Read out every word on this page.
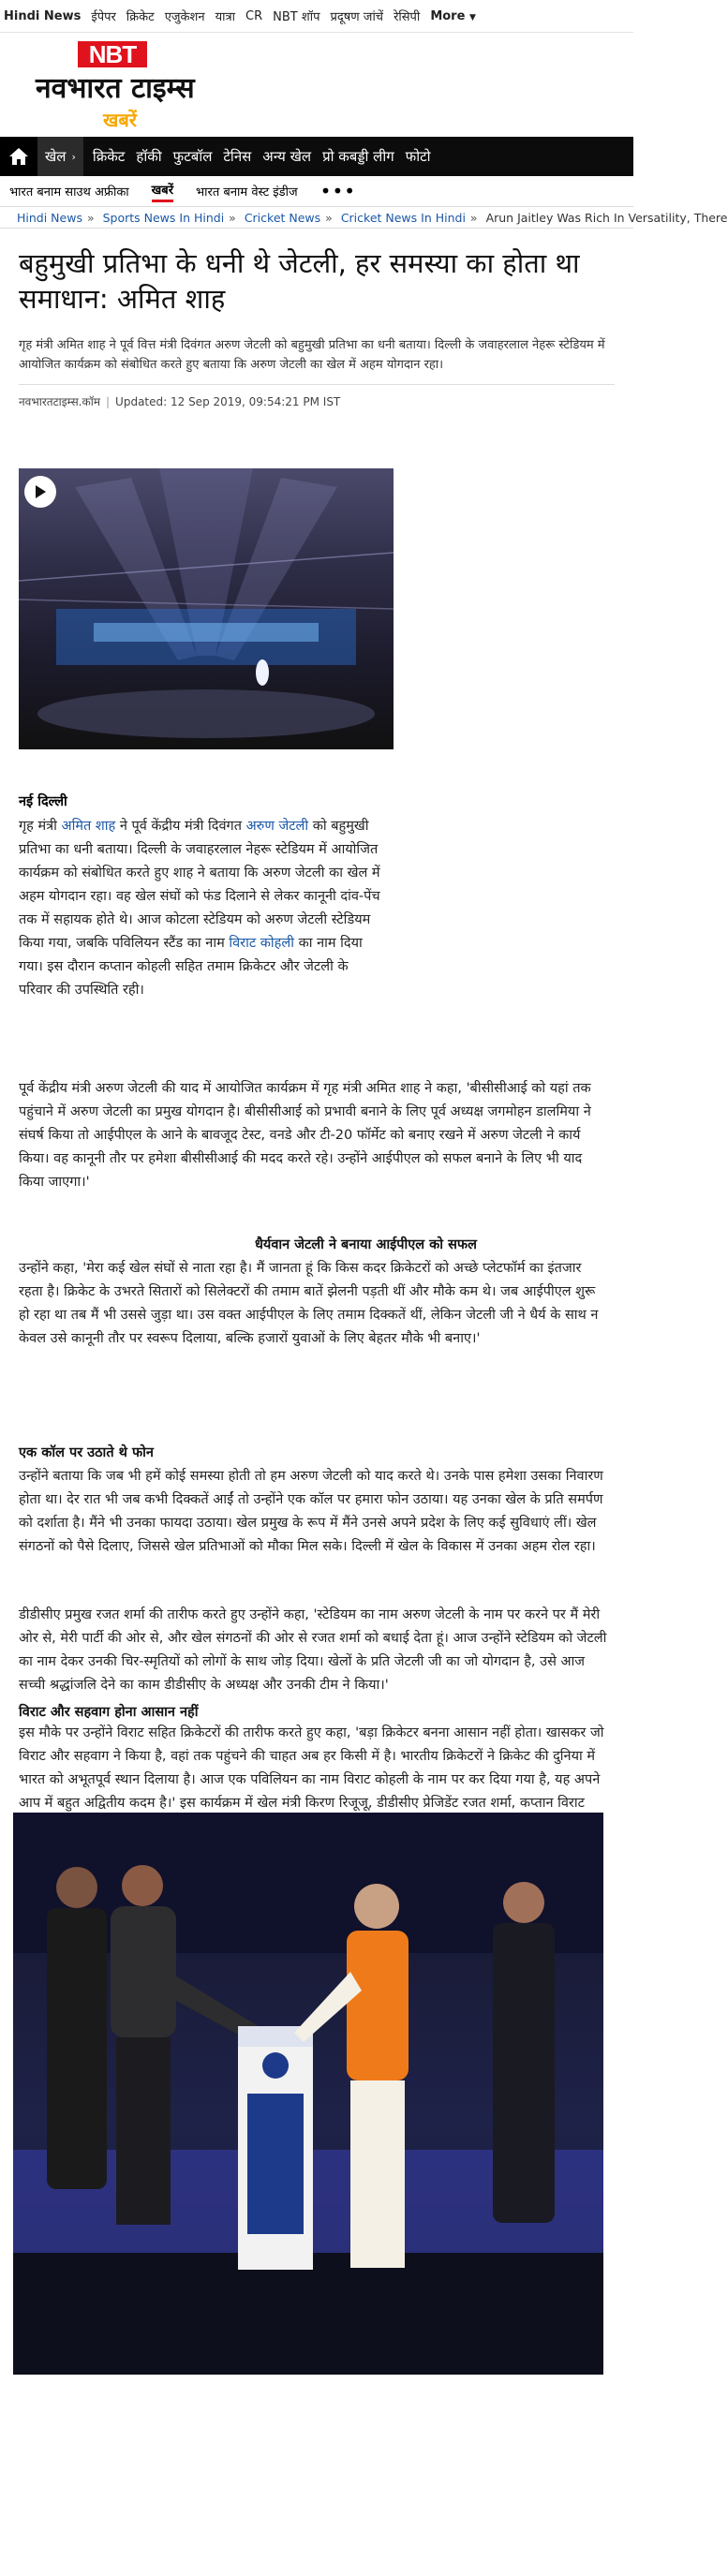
Hindi News ईपेपर क्रिकेट एजुकेशन यात्रा CR NBT शॉप प्रदूषण जांचें रेसिपी More ▼
NBT
नवभारत टाइम्स
खबरें
खेल › क्रिकेट हॉकी फुटबॉल टेनिस अन्य खेल प्रो कबड्डी लीग फोटो
भारत बनाम साउथ अफ्रीका खबरें भारत बनाम वेस्ट इंडीज •••
Hindi News » Sports News In Hindi » Cricket News » Cricket News In Hindi » Arun Jaitley Was Rich In Versatility, There
बहुमुखी प्रतिभा के धनी थे जेटली, हर समस्या का होता था समाधान: अमित शाह
गृह मंत्री अमित शाह ने पूर्व वित्त मंत्री दिवंगत अरुण जेटली को बहुमुखी प्रतिभा का धनी बताया। दिल्ली के जवाहरलाल नेहरू स्टेडियम में आयोजित कार्यक्रम को संबोधित करते हुए बताया कि अरुण जेटली का खेल में अहम योगदान रहा।
नवभारतटाइम्स.कॉम | Updated: 12 Sep 2019, 09:54:21 PM IST
नई दिल्ली

गृह मंत्री अमित शाह ने पूर्व केंद्रीय मंत्री दिवंगत अरुण जेटली को बहुमुखी प्रतिभा का धनी बताया। दिल्ली के जवाहरलाल नेहरू स्टेडियम में आयोजित कार्यक्रम को संबोधित करते हुए शाह ने बताया कि अरुण जेटली का खेल में अहम योगदान रहा। वह खेल संघों को फंड दिलाने से लेकर कानूनी दांव-पेंच तक में सहायक होते थे। आज कोटला स्टेडियम को अरुण जेटली स्टेडियम किया गया, जबकि पविलियन स्टैंड का नाम विराट कोहली का नाम दिया गया। इस दौरान कप्तान कोहली सहित तमाम क्रिकेटर और जेटली के परिवार की उपस्थिति रही।

पूर्व केंद्रीय मंत्री अरुण जेटली की याद में आयोजित कार्यक्रम में गृह मंत्री अमित शाह ने कहा, 'बीसीसीआई को यहां तक पहुंचाने में अरुण जेटली का प्रमुख योगदान है। बीसीसीआई को प्रभावी बनाने के लिए पूर्व अध्यक्ष जगमोहन डालमिया ने संघर्ष किया तो आईपीएल के आने के बावजूद टेस्ट, वनडे और टी-20 फॉर्मेट को बनाए रखने में अरुण जेटली ने कार्य किया। वह कानूनी तौर पर हमेशा बीसीसीआई की मदद करते रहे। उन्होंने आईपीएल को सफल बनाने के लिए भी याद किया जाएगा।'

धैर्यवान जेटली ने बनाया आईपीएल को सफल

उन्होंने कहा, 'मेरा कई खेल संघों से नाता रहा है। मैं जानता हूं कि किस कदर क्रिकेटरों को अच्छे प्लेटफॉर्म का इंतजार रहता है। क्रिकेट के उभरते सितारों को सिलेक्टरों की तमाम बातें झेलनी पड़ती थीं और मौके कम थे। जब आईपीएल शुरू हो रहा था तब मैं भी उससे जुड़ा था। उस वक्त आईपीएल के लिए तमाम दिक्कतें थीं, लेकिन जेटली जी ने धैर्य के साथ न केवल उसे कानूनी तौर पर स्वरूप दिलाया, बल्कि हजारों युवाओं के लिए बेहतर मौके भी बनाए।'

एक कॉल पर उठाते थे फोन

उन्होंने बताया कि जब भी हमें कोई समस्या होती तो हम अरुण जेटली को याद करते थे। उनके पास हमेशा उसका निवारण होता था। देर रात भी जब कभी दिक्कतें आईं तो उन्होंने एक कॉल पर हमारा फोन उठाया। यह उनका खेल के प्रति समर्पण को दर्शाता है। मैंने भी उनका फायदा उठाया। खेल प्रमुख के रूप में मैंने उनसे अपने प्रदेश के लिए कई सुविधाएं लीं। खेल संगठनों को पैसे दिलाए, जिससे खेल प्रतिभाओं को मौका मिल सके। दिल्ली में खेल के विकास में उनका अहम रोल रहा।

डीडीसीए प्रमुख रजत शर्मा की तारीफ करते हुए उन्होंने कहा, 'स्टेडियम का नाम अरुण जेटली के नाम पर करने पर मैं मेरी ओर से, मेरी पार्टी की ओर से, और खेल संगठनों की ओर से रजत शर्मा को बधाई देता हूं। आज उन्होंने स्टेडियम को जेटली का नाम देकर उनकी चिर-स्मृतियों को लोगों के साथ जोड़ दिया। खेलों के प्रति जेटली जी का जो योगदान है, उसे आज सच्ची श्रद्धांजलि देने का काम डीडीसीए के अध्यक्ष और उनकी टीम ने किया।'

विराट और सहवाग होना आसान नहीं

इस मौके पर उन्होंने विराट सहित क्रिकेटरों की तारीफ करते हुए कहा, 'बड़ा क्रिकेटर बनना आसान नहीं होता। खासकर जो विराट और सहवाग ने किया है, वहां तक पहुंचने की चाहत अब हर किसी में है। भारतीय क्रिकेटरों ने क्रिकेट की दुनिया में भारत को अभूतपूर्व स्थान दिलाया है। आज एक पविलियन का नाम विराट कोहली के नाम पर कर दिया गया है, यह अपने आप में बहुत अद्वितीय कदम है।' इस कार्यक्रम में खेल मंत्री किरण रिजूजू, डीडीसीए प्रेजिडेंट रजत शर्मा, कप्तान विराट
